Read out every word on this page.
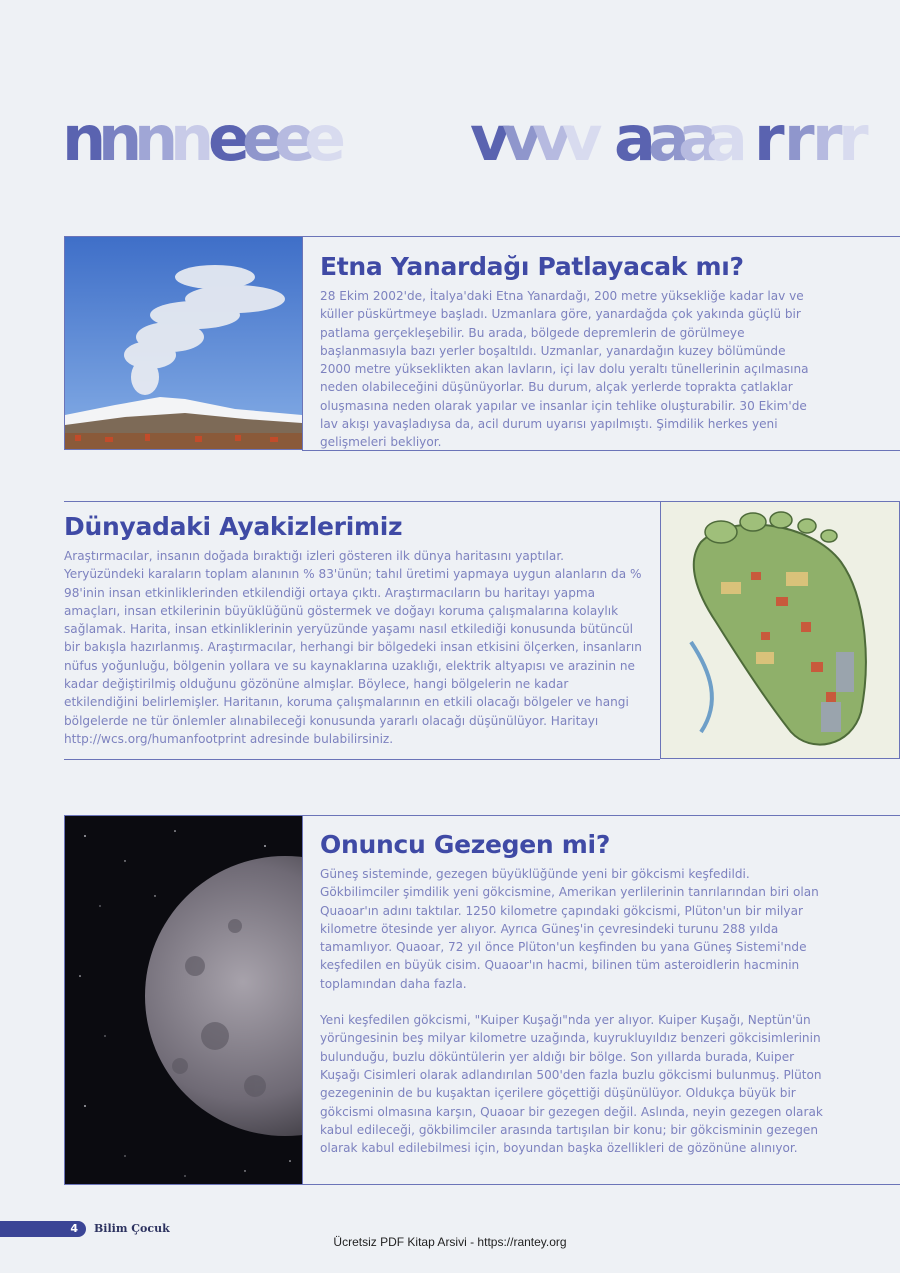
n
n
n
n
e
e
e
e v
v
v
v a
a
a
a r r r r
Etna Yanardağı Patlayacak mı?

28 Ekim 2002'de, İtalya'daki Etna Yanardağı, 200 metre yüksekliğe kadar lav ve küller püskürtmeye başladı. Uzmanlara göre, yanardağda çok yakında güçlü bir patlama gerçekleşebilir. Bu arada, bölgede depremlerin de görülmeye başlanmasıyla bazı yerler boşaltıldı. Uzmanlar, yanardağın kuzey bölümünde 2000 metre yükseklikten akan lavların, içi lav dolu yeraltı tünellerinin açılmasına neden olabileceğini düşünüyorlar. Bu durum, alçak yerlerde toprakta çatlaklar oluşmasına neden olarak yapılar ve insanlar için tehlike oluşturabilir. 30 Ekim'de lav akışı yavaşladıysa da, acil durum uyarısı yapılmıştı. Şimdilik herkes yeni gelişmeleri bekliyor.

Dünyadaki Ayakizlerimiz

Araştırmacılar, insanın doğada bıraktığı izleri gösteren ilk dünya haritasını yaptılar. Yeryüzündeki karaların toplam alanının % 83'ünün; tahıl üretimi yapmaya uygun alanların da % 98'inin insan etkinliklerinden etkilendiği ortaya çıktı. Araştırmacıların bu haritayı yapma amaçları, insan etkilerinin büyüklüğünü göstermek ve doğayı koruma çalışmalarına kolaylık sağlamak. Harita, insan etkinliklerinin yeryüzünde yaşamı nasıl etkilediği konusunda bütüncül bir bakışla hazırlanmış. Araştırmacılar, herhangi bir bölgedeki insan etkisini ölçerken, insanların nüfus yoğunluğu, bölgenin yollara ve su kaynaklarına uzaklığı, elektrik altyapısı ve arazinin ne kadar değiştirilmiş olduğunu gözönüne almışlar. Böylece, hangi bölgelerin ne kadar etkilendiğini belirlemişler. Haritanın, koruma çalışmalarının en etkili olacağı bölgeler ve hangi bölgelerde ne tür önlemler alınabileceği konusunda yararlı olacağı düşünülüyor. Haritayı http://wcs.org/humanfootprint adresinde bulabilirsiniz.

Onuncu Gezegen mi?

Güneş sisteminde, gezegen büyüklüğünde yeni bir gökcismi keşfedildi. Gökbilimciler şimdilik yeni gökcismine, Amerikan yerlilerinin tanrılarından biri olan Quaoar'ın adını taktılar. 1250 kilometre çapındaki gökcismi, Plüton'un bir milyar kilometre ötesinde yer alıyor. Ayrıca Güneş'in çevresindeki turunu 288 yılda tamamlıyor. Quaoar, 72 yıl önce Plüton'un keşfinden bu yana Güneş Sistemi'nde keşfedilen en büyük cisim. Quaoar'ın hacmi, bilinen tüm asteroidlerin hacminin toplamından daha fazla.

Yeni keşfedilen gökcismi, "Kuiper Kuşağı"nda yer alıyor. Kuiper Kuşağı, Neptün'ün yörüngesinin beş milyar kilometre uzağında, kuyrukluyıldız benzeri gökcisimlerinin bulunduğu, buzlu döküntülerin yer aldığı bir bölge. Son yıllarda burada, Kuiper Kuşağı Cisimleri olarak adlandırılan 500'den fazla buzlu gökcismi bulunmuş. Plüton gezegeninin de bu kuşaktan içerilere göçettiği düşünülüyor. Oldukça büyük bir gökcismi olmasına karşın, Quaoar bir gezegen değil. Aslında, neyin gezegen olarak kabul edileceği, gökbilimciler arasında tartışılan bir konu; bir gökcisminin gezegen olarak kabul edilebilmesi için, boyundan başka özellikleri de gözönüne alınıyor.

4 Bilim Çocuk
Ücretsiz PDF Kitap Arsivi - https://rantey.org
